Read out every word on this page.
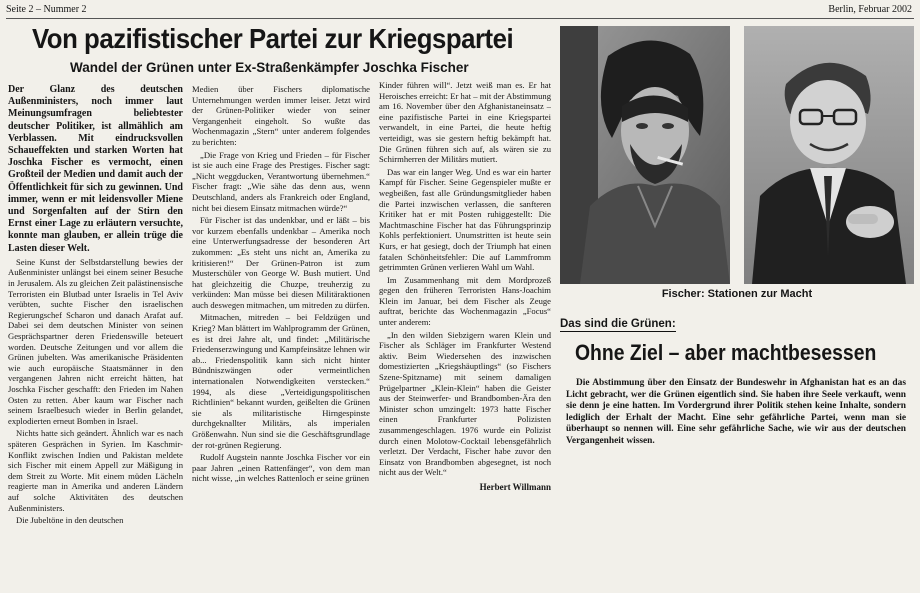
Seite 2 – Nummer 2	Berlin, Februar 2002
Von pazifistischer Partei zur Kriegspartei
Wandel der Grünen unter Ex-Straßenkämpfer Joschka Fischer

Der Glanz des deutschen Außenministers, noch immer laut Meinungsumfragen beliebtester deutscher Politiker, ist allmählich am Verblassen. Mit eindrucksvollen Schaueffekten und starken Worten hat Joschka Fischer es vermocht, einen Großteil der Medien und damit auch der Öffentlichkeit für sich zu gewinnen. Und immer, wenn er mit leidensvoller Miene und Sorgenfalten auf der Stirn den Ernst einer Lage zu erläutern versuchte, konnte man glauben, er allein trüge die Lasten dieser Welt.

Seine Kunst der Selbstdarstellung bewies der Außenminister unlängst bei einem seiner Besuche in Jerusalem. Als zu gleichen Zeit palästinensische Terroristen ein Blutbad unter Israelis in Tel Aviv verübten, suchte Fischer den israelischen Regierungschef Scharon und danach Arafat auf. Dabei sei dem deutschen Minister von seinen Gesprächspartner deren Friedenswille beteuert worden. Deutsche Zeitungen und vor allem die Grünen jubelten. Was amerikanische Präsidenten wie auch europäische Staatsmänner in den vergangenen Jahren nicht erreicht hätten, hat Joschka Fischer geschafft: den Frieden im Nahen Osten zu retten. Aber kaum war Fischer nach seinem Israelbesuch wieder in Berlin gelandet, explodierten erneut Bomben in Israel.

Nichts hatte sich geändert. Ähnlich war es nach späteren Gesprächen in Syrien. Im Kaschmir-Konflikt zwischen Indien und Pakistan meldete sich Fischer mit einem Appell zur Mäßigung in dem Streit zu Worte. Mit einem müden Lächeln reagierte man in Amerika und anderen Ländern auf solche Aktivitäten des deutschen Außenministers.

Die Jubeltöne in den deutschen

Medien über Fischers diplomatische Unternehmungen werden immer leiser. Jetzt wird der Grünen-Politiker wieder von seiner Vergangenheit eingeholt. So wußte das Wochenmagazin „Stern“ unter anderem folgendes zu berichten:

„Die Frage von Krieg und Frieden – für Fischer ist sie auch eine Frage des Prestiges. Fischer sagt: „Nicht weggducken, Verantwortung übernehmen.“ Fischer fragt: „Wie sähe das denn aus, wenn Deutschland, anders als Frankreich oder England, nicht bei diesem Einsatz mitmachen würde?“

Für Fischer ist das undenkbar, und er läßt – bis vor kurzem ebenfalls undenkbar – Amerika noch eine Unterwerfungsadresse der besonderen Art zukommen: „Es steht uns nicht an, Amerika zu kritisieren!“ Der Grünen-Patron ist zum Musterschüler von George W. Bush mutiert. Und hat gleichzeitig die Chuzpe, treuherzig zu verkünden: Man müsse bei diesen Militäraktionen auch deswegen mitmachen, um mitreden zu dürfen.

Mitmachen, mitreden – bei Feldzügen und Krieg? Man blättert im Wahlprogramm der Grünen, es ist drei Jahre alt, und findet: „Militärische Friedenserzwingung und Kampfeinsätze lehnen wir ab... Friedenspolitik kann sich nicht hinter Bündniszwängen oder vermeintlichen internationalen Notwendigkeiten verstecken.“ 1994, als diese „Verteidigungspolitischen Richtlinien“ bekannt wurden, geißelten die Grünen sie als militaristische Hirngespinste durchgeknallter Militärs, als imperialen Größenwahn. Nun sind sie die Geschäftsgrundlage der rot-grünen Regierung.

Rudolf Augstein nannte Joschka Fischer vor ein paar Jahren „einen Rattenfänger“, von dem man nicht wisse, „in welches Rattenloch er seine grünen

Kinder führen will“. Jetzt weiß man es. Er hat Heroisches erreicht: Er hat – mit der Abstimmung am 16. November über den Afghanistaneinsatz – eine pazifistische Partei in eine Kriegspartei verwandelt, in eine Partei, die heute heftig verteidigt, was sie gestern heftig bekämpft hat. Die Grünen führen sich auf, als wären sie zu Schirmherren der Militärs mutiert.

Das war ein langer Weg. Und es war ein harter Kampf für Fischer. Seine Gegenspieler mußte er wegbeißen, fast alle Gründungsmitglieder haben die Partei inzwischen verlassen, die sanfteren Kritiker hat er mit Posten ruhiggestellt: Die Machtmaschine Fischer hat das Führungsprinzip Kohls perfektioniert. Unumstritten ist heute sein Kurs, er hat gesiegt, doch der Triumph hat einen fatalen Schönheitsfehler: Die auf Lammfromm getrimmten Grünen verlieren Wahl um Wahl.

Im Zusammenhang mit dem Mordprozeß gegen den früheren Terroristen Hans-Joachim Klein im Januar, bei dem Fischer als Zeuge auftrat, berichte das Wochenmagazin „Focus“ unter anderem:

„In den wilden Siebzigern waren Klein und Fischer als Schläger im Frankfurter Westend aktiv. Beim Wiedersehen des inzwischen domestizierten „Kriegshäuptlings“ (so Fischers Szene-Spitzname) mit seinem damaligen Prügelpartner „Klein-Klein“ haben die Geister aus der Steinwerfer- und Brandbomben-Ära den Minister schon umzingelt: 1973 hatte Fischer einen Frankfurter Polizisten zusammengeschlagen. 1976 wurde ein Polizist durch einen Molotow-Cocktail lebensgefährlich verletzt. Der Verdacht, Fischer habe zuvor den Einsatz von Brandbomben abgesegnet, ist noch nicht aus der Welt.“

Herbert Willmann
Fischer: Stationen zur Macht
Das sind die Grünen:
Ohne Ziel – aber machtbesessen

Die Abstimmung über den Einsatz der Bundeswehr in Afghanistan hat es an das Licht gebracht, wer die Grünen eigentlich sind. Sie haben ihre Seele verkauft, wenn sie denn je eine hatten. Im Vordergrund ihrer Politik stehen keine Inhalte, sondern lediglich der Erhalt der Macht. Eine sehr gefährliche Partei, wenn man sie überhaupt so nennen will. Eine sehr gefährliche Sache, wie wir aus der deutschen Vergangenheit wissen.
